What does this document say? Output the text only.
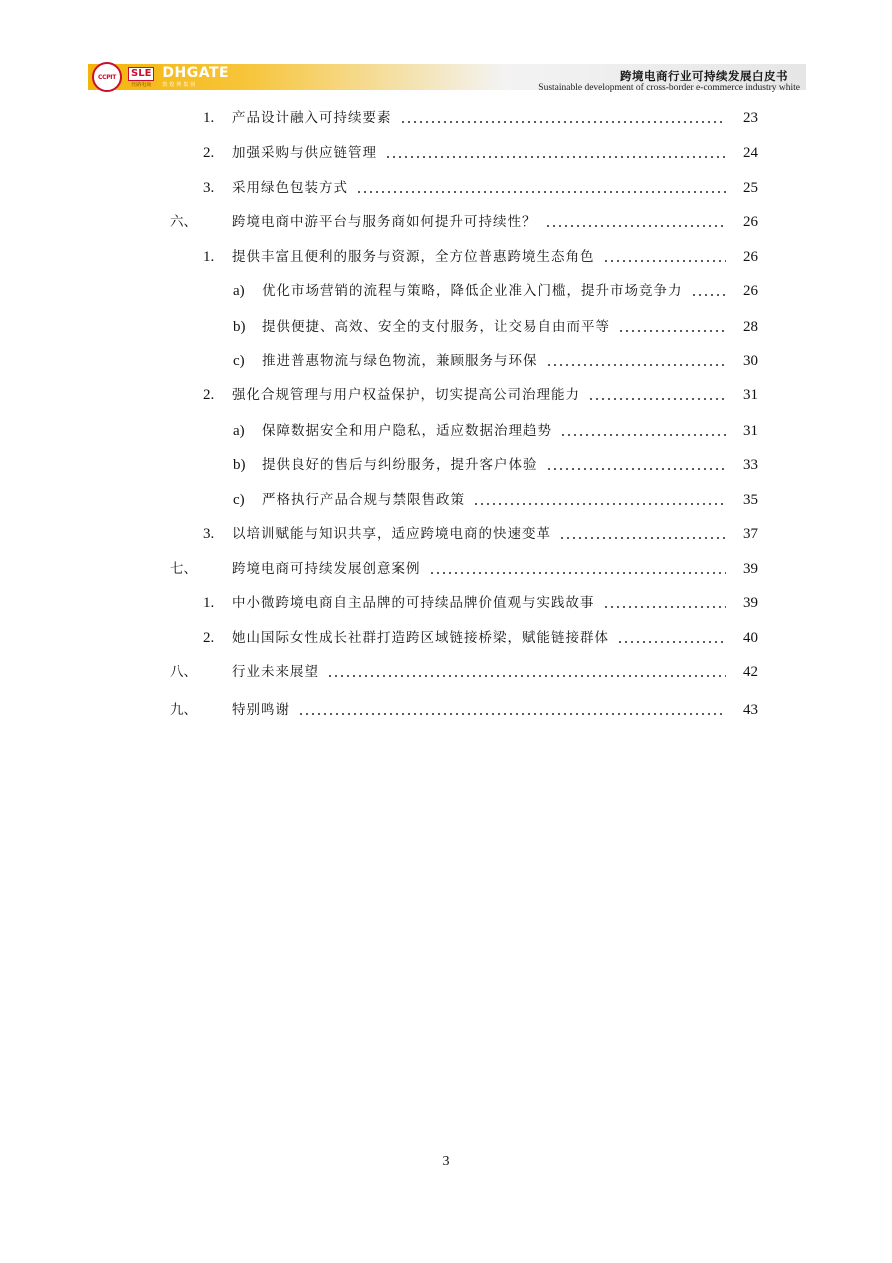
CCPIT	SLE
丝路电商
DHGATE
敦煌网集团
跨境电商行业可持续发展白皮书
Sustainable development of cross-border e-commerce industry white
1. 产品设计融入可持续要素	23
2. 加强采购与供应链管理	24
3. 采用绿色包装方式	25
六、	跨境电商中游平台与服务商如何提升可持续性？	26
1. 提供丰富且便利的服务与资源，全方位普惠跨境生态角色	26
a) 优化市场营销的流程与策略，降低企业准入门槛，提升市场竞争力	26
b) 提供便捷、高效、安全的支付服务，让交易自由而平等	28
c) 推进普惠物流与绿色物流，兼顾服务与环保	30
2. 强化合规管理与用户权益保护，切实提高公司治理能力	31
a) 保障数据安全和用户隐私，适应数据治理趋势	31
b) 提供良好的售后与纠纷服务，提升客户体验	33
c) 严格执行产品合规与禁限售政策	35
3. 以培训赋能与知识共享，适应跨境电商的快速变革	37
七、	跨境电商可持续发展创意案例	39
1. 中小微跨境电商自主品牌的可持续品牌价值观与实践故事	39
2. 她山国际女性成长社群打造跨区域链接桥梁，赋能链接群体	40
八、	行业未来展望	42
九、	特别鸣谢	43
3
